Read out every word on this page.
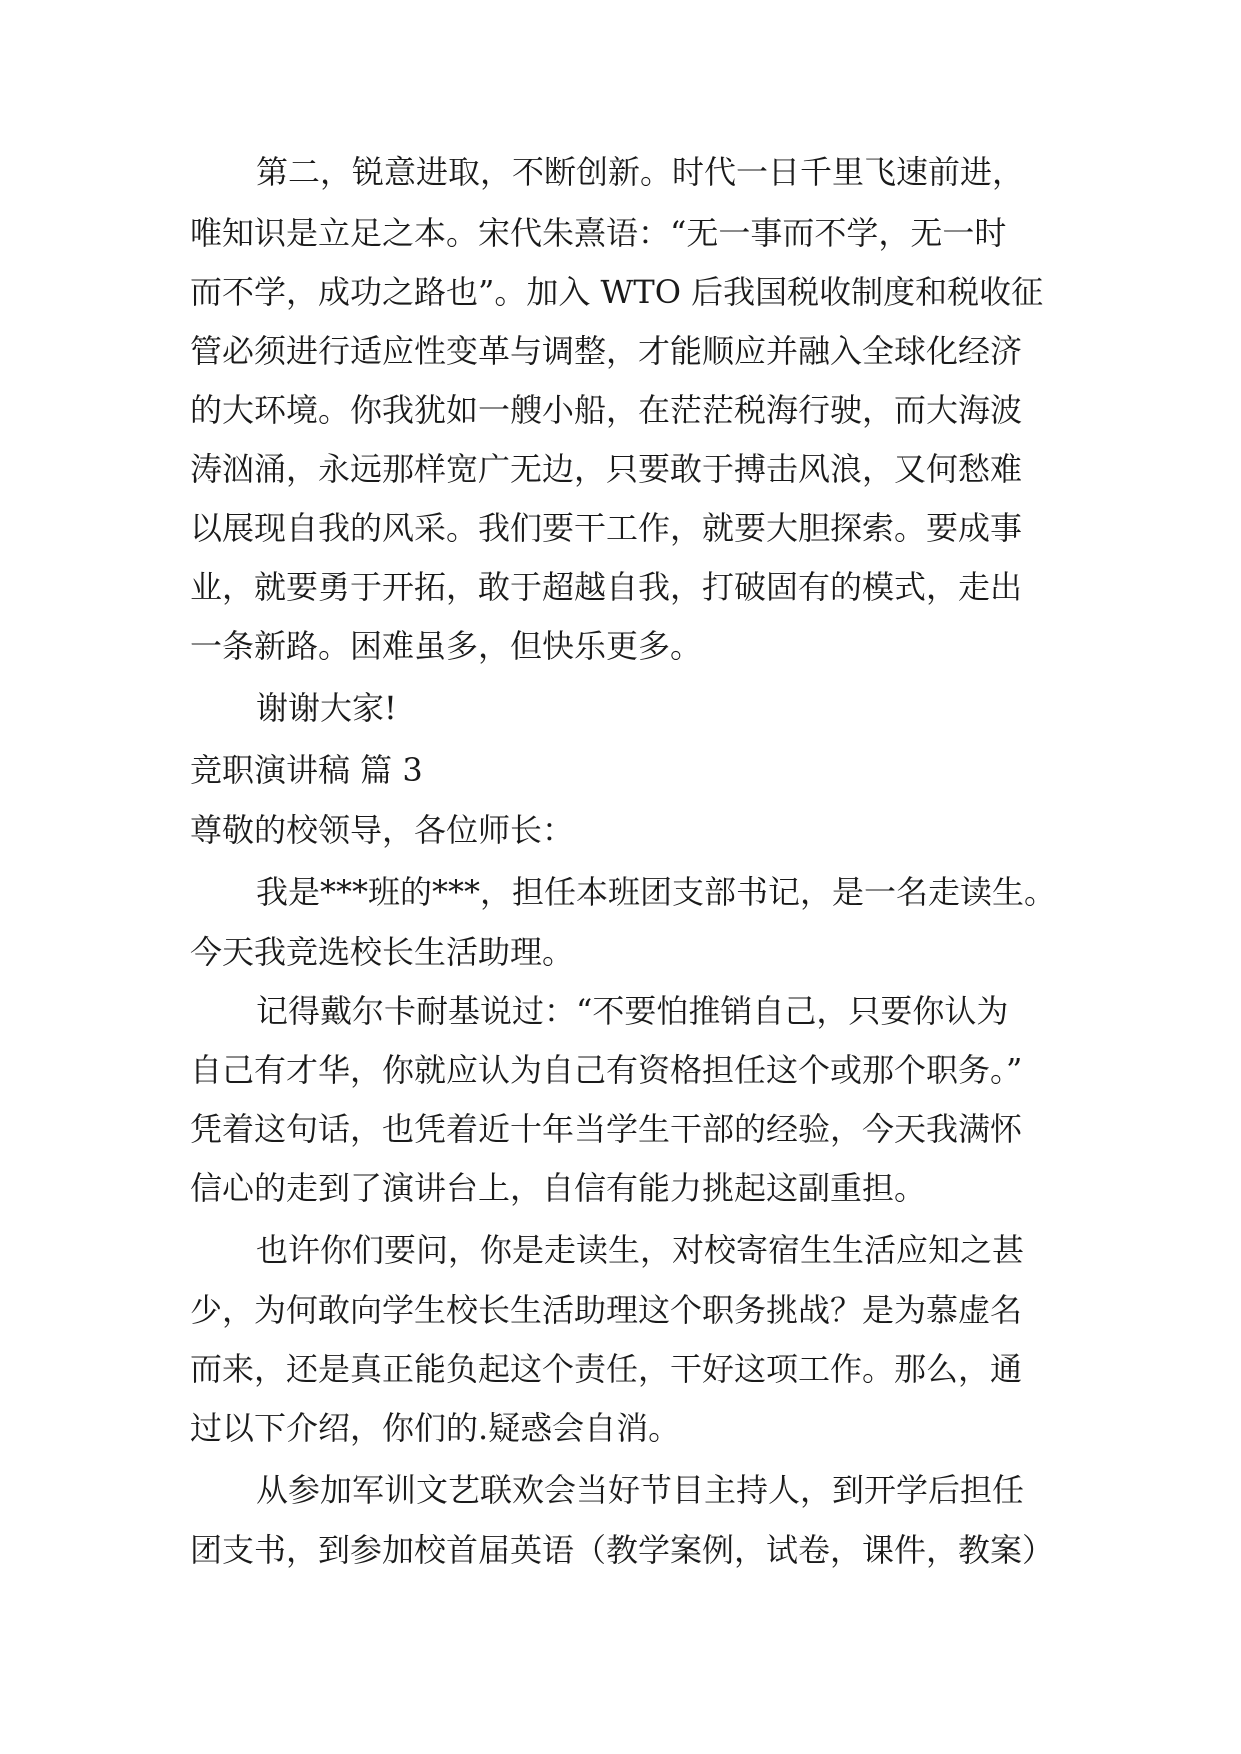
第二，锐意进取，不断创新。时代一日千里飞速前进，
唯知识是立足之本。宋代朱熹语：“无一事而不学，无一时
而不学，成功之路也”。加入 WTO 后我国税收制度和税收征
管必须进行适应性变革与调整，才能顺应并融入全球化经济
的大环境。你我犹如一艘小船，在茫茫税海行驶，而大海波
涛汹涌，永远那样宽广无边，只要敢于搏击风浪，又何愁难
以展现自我的风采。我们要干工作，就要大胆探索。要成事
业，就要勇于开拓，敢于超越自我，打破固有的模式，走出
一条新路。困难虽多，但快乐更多。
谢谢大家!
竞职演讲稿 篇 3
尊敬的校领导，各位师长：
我是***班的***，担任本班团支部书记，是一名走读生。
今天我竞选校长生活助理。
记得戴尔卡耐基说过：“不要怕推销自己，只要你认为
自己有才华，你就应认为自己有资格担任这个或那个职务。”
凭着这句话，也凭着近十年当学生干部的经验，今天我满怀
信心的走到了演讲台上，自信有能力挑起这副重担。
也许你们要问，你是走读生，对校寄宿生生活应知之甚
少，为何敢向学生校长生活助理这个职务挑战？是为慕虚名
而来，还是真正能负起这个责任，干好这项工作。那么，通
过以下介绍，你们的.疑惑会自消。
从参加军训文艺联欢会当好节目主持人，到开学后担任
团支书，到参加校首届英语（教学案例，试卷，课件，教案）
